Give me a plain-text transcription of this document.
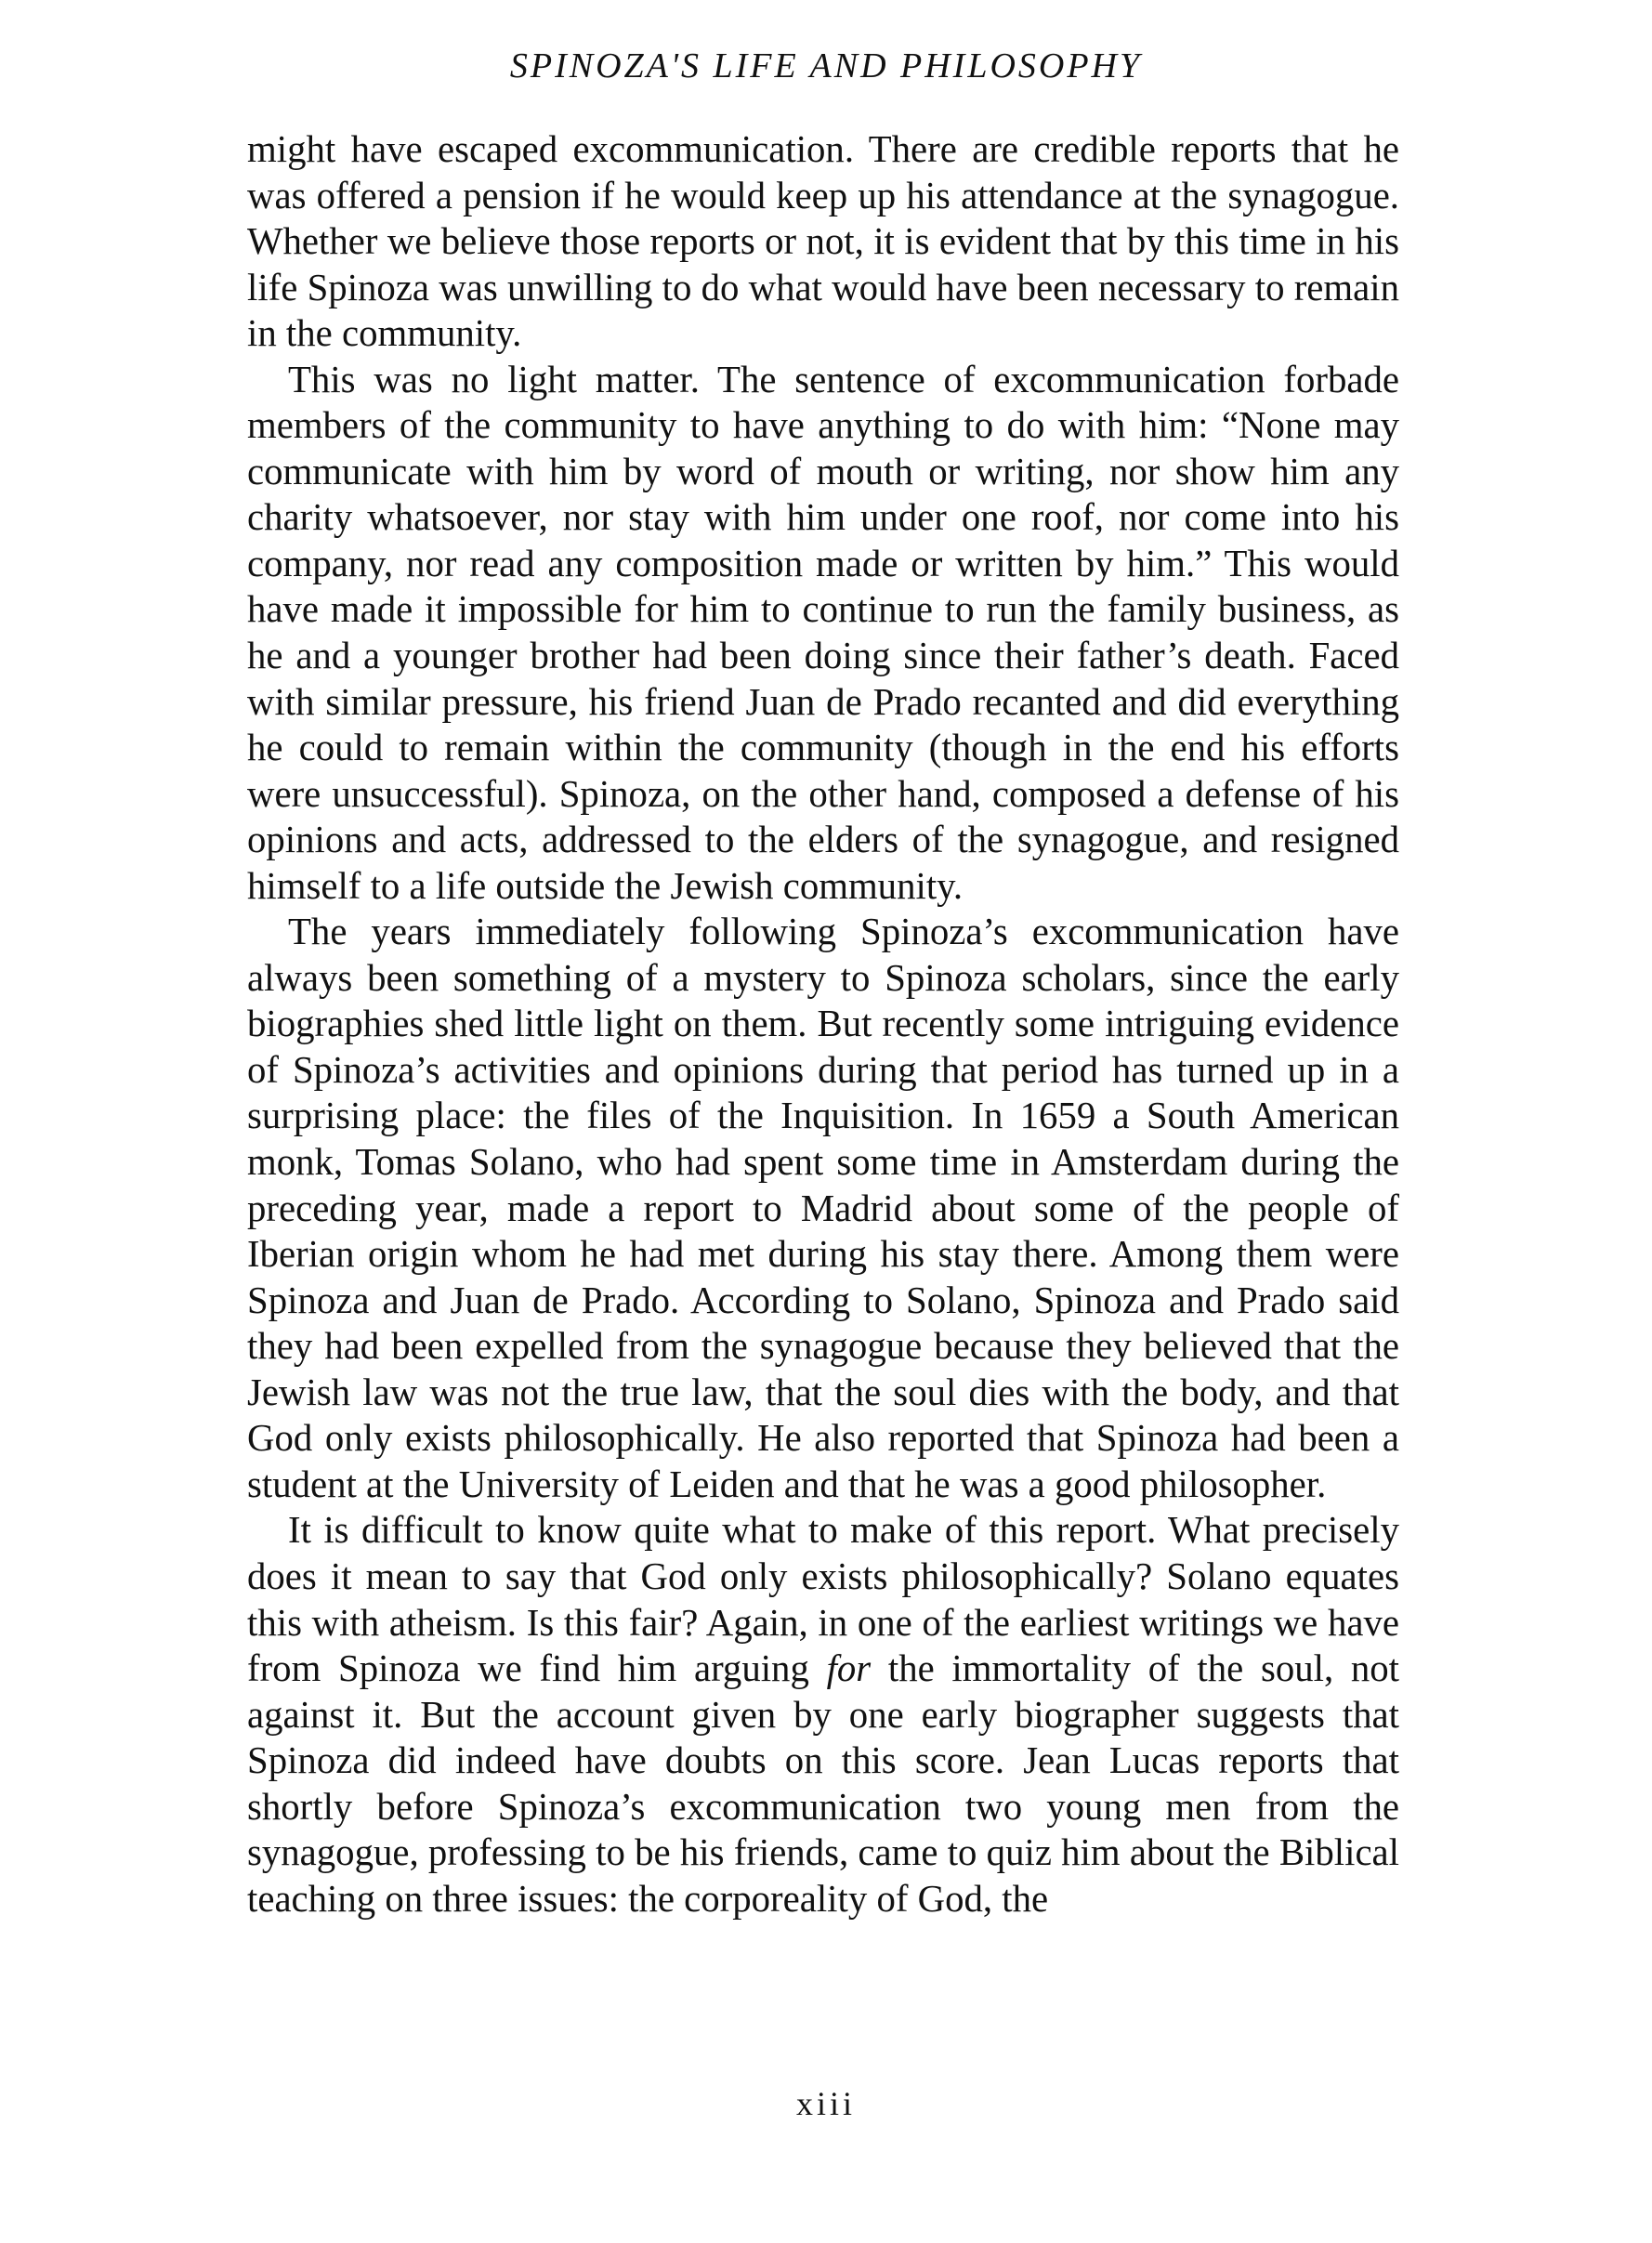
SPINOZA'S LIFE AND PHILOSOPHY

might have escaped excommunication. There are credible reports that he was offered a pension if he would keep up his attendance at the synagogue. Whether we believe those reports or not, it is evident that by this time in his life Spinoza was unwilling to do what would have been necessary to remain in the community.

This was no light matter. The sentence of excommunication forbade members of the community to have anything to do with him: “None may communicate with him by word of mouth or writing, nor show him any charity whatsoever, nor stay with him under one roof, nor come into his company, nor read any composition made or written by him.” This would have made it impossible for him to continue to run the family business, as he and a younger brother had been doing since their father’s death. Faced with similar pressure, his friend Juan de Prado recanted and did everything he could to remain within the community (though in the end his efforts were unsuccessful). Spinoza, on the other hand, composed a defense of his opinions and acts, addressed to the elders of the synagogue, and resigned himself to a life outside the Jewish community.

The years immediately following Spinoza’s excommunication have always been something of a mystery to Spinoza scholars, since the early biographies shed little light on them. But recently some intriguing evidence of Spinoza’s activities and opinions during that period has turned up in a surprising place: the files of the Inquisition. In 1659 a South American monk, Tomas Solano, who had spent some time in Amsterdam during the preceding year, made a report to Madrid about some of the people of Iberian origin whom he had met during his stay there. Among them were Spinoza and Juan de Prado. According to Solano, Spinoza and Prado said they had been expelled from the synagogue because they believed that the Jewish law was not the true law, that the soul dies with the body, and that God only exists philosophically. He also reported that Spinoza had been a student at the University of Leiden and that he was a good philosopher.

It is difficult to know quite what to make of this report. What precisely does it mean to say that God only exists philosophically? Solano equates this with atheism. Is this fair? Again, in one of the earliest writings we have from Spinoza we find him arguing for the immortality of the soul, not against it. But the account given by one early biographer suggests that Spinoza did indeed have doubts on this score. Jean Lucas reports that shortly before Spinoza’s excommunication two young men from the synagogue, professing to be his friends, came to quiz him about the Biblical teaching on three issues: the corporeality of God, the

xiii
